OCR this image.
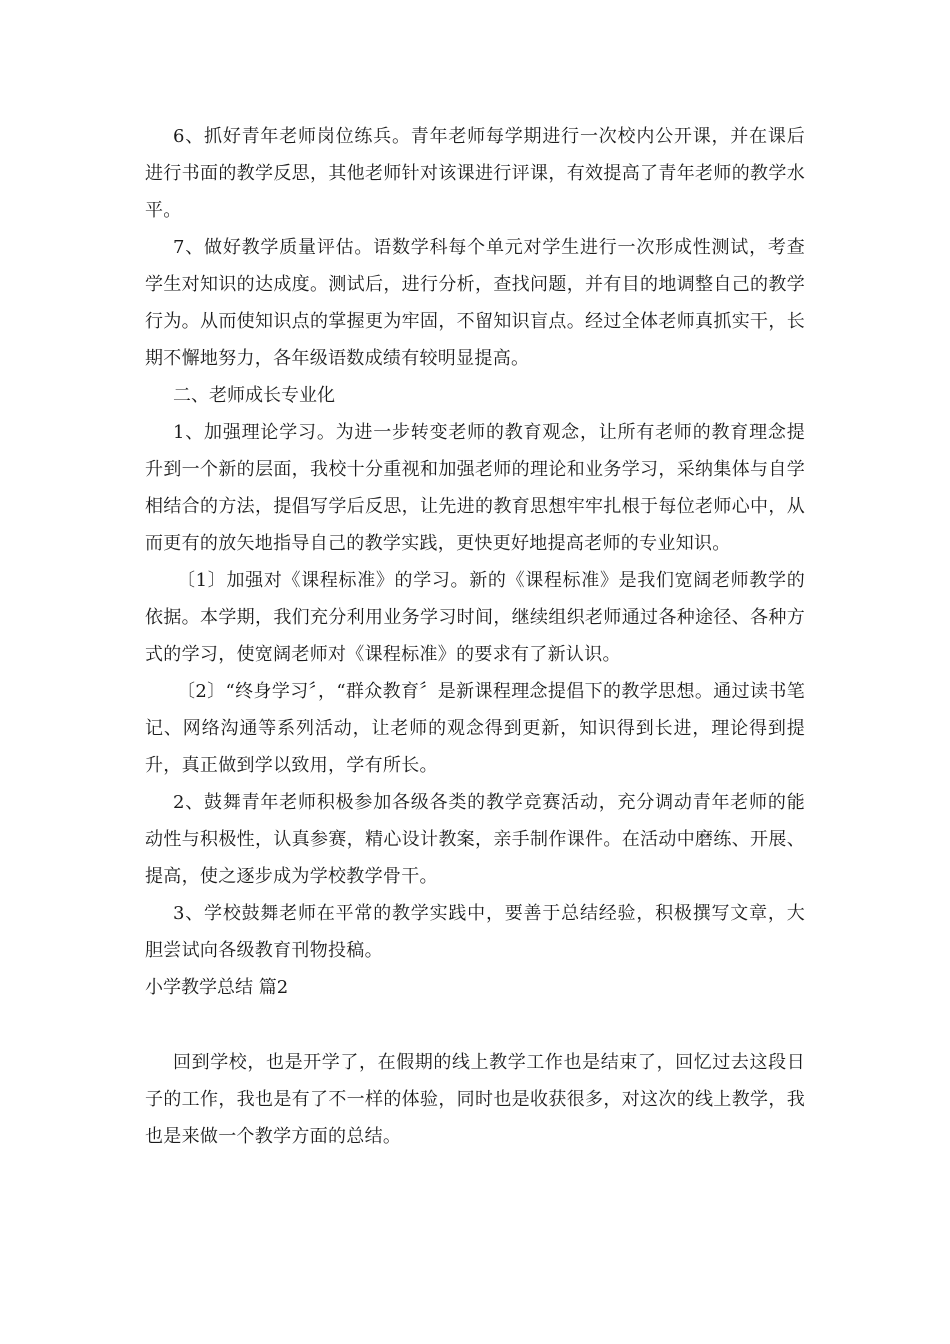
6、抓好青年老师岗位练兵。青年老师每学期进行一次校内公开课，并在课后进行书面的教学反思，其他老师针对该课进行评课，有效提高了青年老师的教学水平。

7、做好教学质量评估。语数学科每个单元对学生进行一次形成性测试，考查学生对知识的达成度。测试后，进行分析，查找问题，并有目的地调整自己的教学行为。从而使知识点的掌握更为牢固，不留知识盲点。经过全体老师真抓实干，长期不懈地努力，各年级语数成绩有较明显提高。

二、老师成长专业化

1、加强理论学习。为进一步转变老师的教育观念，让所有老师的教育理念提升到一个新的层面，我校十分重视和加强老师的理论和业务学习，采纳集体与自学相结合的方法，提倡写学后反思，让先进的教育思想牢牢扎根于每位老师心中，从而更有的放矢地指导自己的教学实践，更快更好地提高老师的专业知识。

〔1〕加强对《课程标准》的学习。新的《课程标准》是我们宽阔老师教学的依据。本学期，我们充分利用业务学习时间，继续组织老师通过各种途径、各种方式的学习，使宽阔老师对《课程标准》的要求有了新认识。

〔2〕“终身学习〞，“群众教育〞是新课程理念提倡下的教学思想。通过读书笔记、网络沟通等系列活动，让老师的观念得到更新，知识得到长进，理论得到提升，真正做到学以致用，学有所长。

2、鼓舞青年老师积极参加各级各类的教学竞赛活动，充分调动青年老师的能动性与积极性，认真参赛，精心设计教案，亲手制作课件。在活动中磨练、开展、提高，使之逐步成为学校教学骨干。

3、学校鼓舞老师在平常的教学实践中，要善于总结经验，积极撰写文章，大胆尝试向各级教育刊物投稿。

小学教学总结 篇2

回到学校，也是开学了，在假期的线上教学工作也是结束了，回忆过去这段日子的工作，我也是有了不一样的体验，同时也是收获很多，对这次的线上教学，我也是来做一个教学方面的总结。
